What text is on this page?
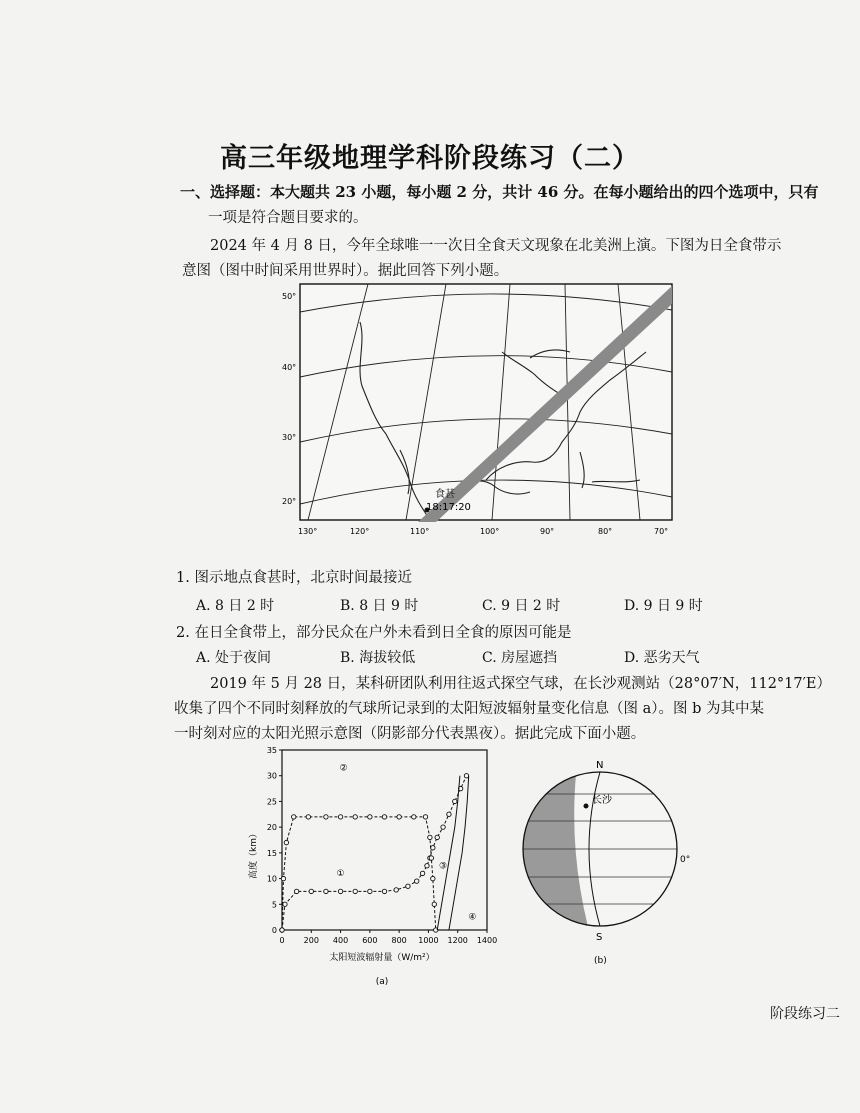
高三年级地理学科阶段练习（二）
一、选择题：本大题共 23 小题，每小题 2 分，共计 46 分。在每小题给出的四个选项中，只有
一项是符合题目要求的。
2024 年 4 月 8 日，今年全球唯一一次日全食天文现象在北美洲上演。下图为日全食带示
意图（图中时间采用世界时）。据此回答下列小题。
食甚
18:17:20
50°
40°
30°
20°
130°	120°	110°	100°	90°	80°	70°
1. 图示地点食甚时，北京时间最接近
A. 8 日 2 时	B. 8 日 9 时	C. 9 日 2 时	D. 9 日 9 时
2. 在日全食带上，部分民众在户外未看到日全食的原因可能是
A. 处于夜间	B. 海拔较低	C. 房屋遮挡	D. 恶劣天气
2019 年 5 月 28 日，某科研团队利用往返式探空气球，在长沙观测站（28°07′N，112°17′E）
收集了四个不同时刻释放的气球所记录到的太阳短波辐射量变化信息（图 a）。图 b 为其中某
一时刻对应的太阳光照示意图（阴影部分代表黑夜）。据此完成下面小题。
0 200 400 600 800 1000 1200 1400
0
5
10
15
20
25
30
35
①
②
③
④
太阳短波辐射量（W/m²）
高度（km）
(a)
长沙
N
S
0°
(b)
阶段练习二
